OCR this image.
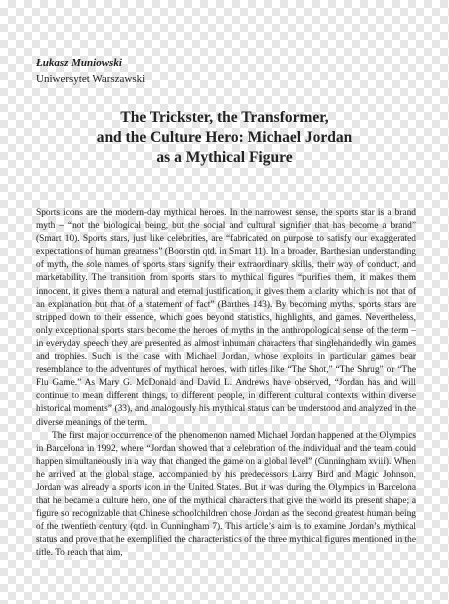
Łukasz Muniowski

Uniwersytet Warszawski

The Trickster, the Transformer,
and the Culture Hero: Michael Jordan
as a Mythical Figure

Sports icons are the modern-day mythical heroes. In the narrowest sense, the sports star is a brand myth – “not the biological being, but the social and cultural signifier that has become a brand” (Smart 10). Sports stars, just like celebrities, are “fabricated on purpose to satisfy our exaggerated expectations of human greatness” (Boorstin qtd. in Smart 11). In a broader, Barthesian understanding of myth, the sole names of sports stars signify their extraordinary skills, their way of conduct, and marketability. The transition from sports stars to mythical figures “purifies them, it makes them innocent, it gives them a natural and eternal justification, it gives them a clarity which is not that of an explanation but that of a statement of fact” (Barthes 143). By becoming myths, sports stars are stripped down to their essence, which goes beyond statistics, highlights, and games. Nevertheless, only exceptional sports stars become the heroes of myths in the anthropological sense of the term – in everyday speech they are presented as almost inhuman characters that singlehandedly win games and trophies. Such is the case with Michael Jordan, whose exploits in particular games bear resemblance to the adventures of mythical heroes, with titles like “The Shot,” “The Shrug” or “The Flu Game.” As Mary G. McDonald and David L. Andrews have observed, “Jordan has and will continue to mean different things, to different people, in different cultural contexts within diverse historical moments” (33), and analogously his mythical status can be understood and analyzed in the diverse meanings of the term.

The first major occurrence of the phenomenon named Michael Jordan happened at the Olympics in Barcelona in 1992, where “Jordan showed that a celebration of the individual and the team could happen simultaneously in a way that changed the game on a global level” (Cunningham xviii). When he arrived at the global stage, accompanied by his predecessors Larry Bird and Magic Johnson, Jordan was already a sports icon in the United States. But it was during the Olympics in Barcelona that he became a culture hero, one of the mythical characters that give the world its present shape; a figure so recognizable that Chinese schoolchildren chose Jordan as the second greatest human being of the twentieth century (qtd. in Cunningham 7). This article’s aim is to examine Jordan’s mythical status and prove that he exemplified the characteristics of the three mythical figures mentioned in the title. To reach that aim,
